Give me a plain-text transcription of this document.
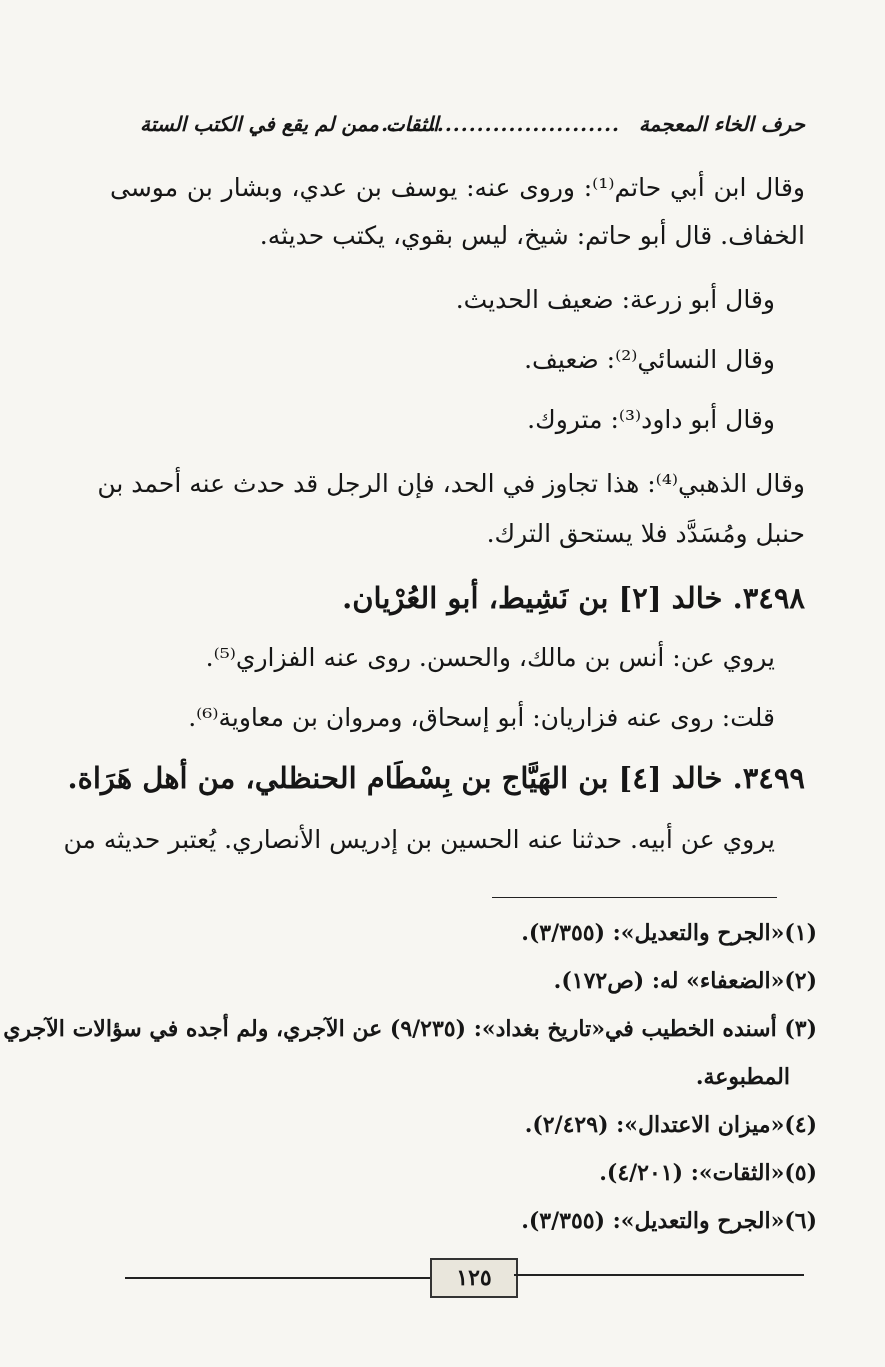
حرف الخاء المعجمة
..............................
الثقات ممن لم يقع في الكتب الستة
وقال ابن أبي حاتم⁽¹⁾: وروى عنه: يوسف بن عدي، وبشار بن موسى
الخفاف. قال أبو حاتم: شيخ، ليس بقوي، يكتب حديثه.
وقال أبو زرعة: ضعيف الحديث.
وقال النسائي⁽²⁾: ضعيف.
وقال أبو داود⁽³⁾: متروك.
وقال الذهبي⁽⁴⁾: هذا تجاوز في الحد، فإن الرجل قد حدث عنه أحمد بن
حنبل ومُسَدَّد فلا يستحق الترك.
٣٤٩٨. خالد [٢] بن نَشِيط، أبو العُرْيان.
يروي عن: أنس بن مالك، والحسن. روى عنه الفزاري⁽⁵⁾.
قلت: روى عنه فزاريان: أبو إسحاق، ومروان بن معاوية⁽⁶⁾.
٣٤٩٩. خالد [٤] بن الهَيَّاج بن بِسْطَام الحنظلي، من أهل هَرَاة.
يروي عن أبيه. حدثنا عنه الحسين بن إدريس الأنصاري. يُعتبر حديثه من
(١)«الجرح والتعديل»: (٣/٣٥٥).
(٢)«الضعفاء» له: (ص١٧٢).
(٣) أسنده الخطيب في«تاريخ بغداد»: (٩/٢٣٥) عن الآجري، ولم أجده في سؤالات الآجري
المطبوعة.
(٤)«ميزان الاعتدال»: (٢/٤٢٩).
(٥)«الثقات»: (٤/٢٠١).
(٦)«الجرح والتعديل»: (٣/٣٥٥).
١٢٥
